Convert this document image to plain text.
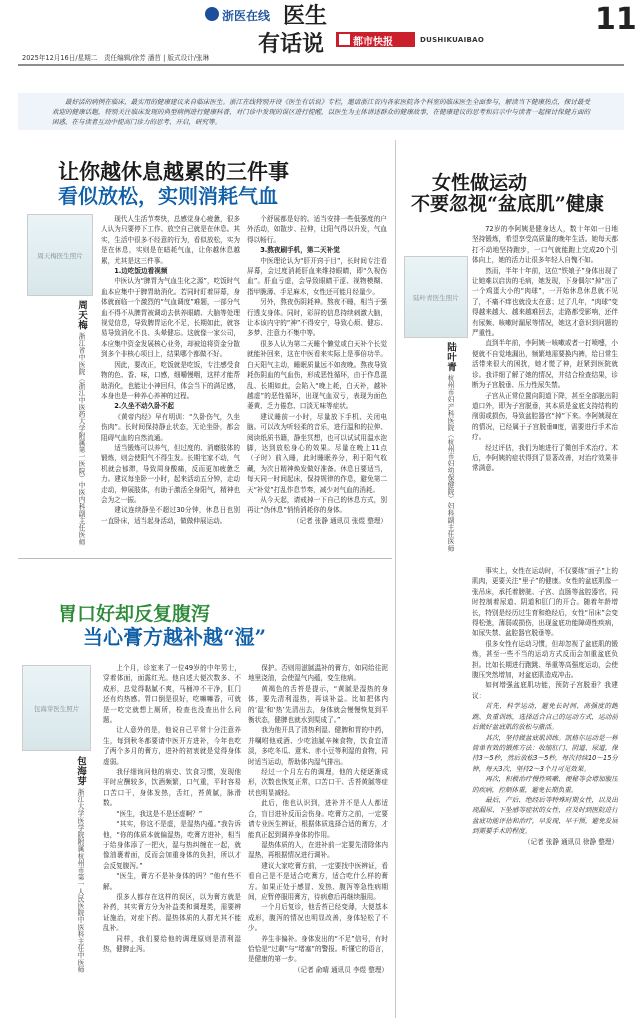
浙医在线 医生
有话说	都市快报	DUSHIKUAIBAO
11
2025年12月16日/星期二　责任编辑/徐芳 潘苜 | 版式设计/张琳

最好活的病例在临床，最实用的健康建议来自临床医生。浙江在线特别开设《医生有话说》专栏，邀请浙江省内各家医院各个科室的临床医生全面参与，解读当下健康热点，探讨最受欢迎的健康话题，特别关注临床发现的典型病例进行健康科普，对门诊中发现的误区进行提醒，以医生为主体讲述群众的健康故事，在健康建议的思考和启示中与读者一起探讨保健方面的困惑，在与读者互动中提高门诊力的思考、开启，研究等。

让你越休息越累的三件事
看似放松，实则消耗气血
周天梅医生照片
周天梅 浙江省中医院（浙江中医药大学附属第一医院）中医内科副主任医师

现代人生活节奏快，总感觉身心疲惫，很多人认为只要停下工作、放空自己就是在休息。其实，生活中很多不经意的行为，看似放松，实为是在休息，实则是在暗耗气血，让你越休息越累，尤其是这三件事。

1.边吃饭边看视频

中医认为“脾胃为气血生化之源”，吃饭时气血本应集中于脾胃助消化。若同时盯着屏幕，身体就面临一个激烈的“气血调度”难题，一部分气血不得不从脾胃被调动去供养眼睛、大脑等处理视觉信息，导致脾胃运化不足，长期如此，就容易导致消化不良、头晕健忘。这就像一家公司，本应集中资金发展核心业务，却被迫将资金分散到多个非核心项目上，结果哪个都做不好。

因此，要改正，吃饭就是吃饭，专注感受食物的色、香、味，口感，细嚼慢咽，这样才能帮助消化，也能让小神回归，体会当下的满足感，本身也是一种养心养神的过程。

2.久坐不动久卧不起

《黄帝内经》早有明训：“久卧伤气，久坐伤肉”。长时间保持静止状态，无论坐卧，都会阻碍气血的自然流通。

适当锻炼可以养气，但过度的、消磨肢体的锻炼，则会使阳气不得生发。长期宅家不动，气机就会郁滞，导致周身酸痛，反而更加疲惫乏力。建议每坐卧一小时，起来活动五分钟，走动走动，伸展肢体，有助于激活全身阳气，精神也会为之一振。

建议连续静坐不超过30分钟，休息日也别一直卧床，适当起身活动，做做伸展运动。

个舒展都是好的。适当安排一些低强度的户外活动，如散步、拉伸，让阳气得以升发，气血得以畅行。

3.熬夜刷手机，第二天补觉

中医理论认为“肝开窍于目”，长时间专注看屏幕，会过度消耗肝血来维持眼睛，即“久视伤血”。肝血亏虚，会导致眼睛干涩、视物模糊、指甲脆薄、手足麻木，女性还可能月经量少。

另外，熬夜伤阴耗神。熬夜不睡，相当于强行透支身体。同时，彩屏的信息持续刺激大脑，让本该内守的“神”不得安宁，导致心烦、健忘、多梦、注意力不集中等。

很多人认为第二天睡个懒觉或白天补个长觉就能补回来，这在中医看来实际上是事倍功半。白天阳气主动，睡眠质量远不如夜晚。熬夜导致耗伤阴血的气血伤，形成恶性循环，由于作息混乱、长期如此，会陷入“晚上耗，白天补，越补越虚”的恶性循环，出现气血双亏，表现为面色萎黄、乏力倦怠、口淡无味等症状。

建议睡前一小时，尽量放下手机、关闭电脑。可以改为听轻柔的音乐，进行温和的拉伸、阅读纸质书籍，静坐冥想，也可以试试用温水泡脚，达到放松身心的效果。尽量在晚上11点（子时）前入睡，此时睡眠养分，利于阳气收藏，为次日精神焕发做好准备。休息日要适当，每天同一时间起床，保持规律的作息，避免第二天“补觉”打乱作息节奏，减少对气血的消耗。

从今天起，请戒掉一下自己的休息方式，别再让“伪休息”悄悄消耗你的身体。

（记者 张静 通讯员 张煜 整理）

胃口好却反复腹泻
当心膏方越补越“湿”
包海芽医生照片
包海芽 浙江大学医学院附属杭州市第一人民医院中医科主任中医师

上个月，诊室来了一位49岁的中年男士，穿着体面，面露红光。他自述大便次数多、不成形，总觉得黏腻不爽，马桶冲不干净，肛门还有灼热感。胃口倒是很好，吃嘛嘛香，可就是一吃完就想上厕所，检查也没查出什么问题。

让人意外的是，他说自己平常十分注意养生，每到秋冬都要请中医开方进补，今年也吃了两个多月的膏方，进补的初衷就是觉得身体虚弱。

我仔细询问他的病史、饮食习惯，发现他平时应酬较多，饮酒频繁，口气重，平时容易口苦口干，身体发热，舌红，苔黄腻，脉滑数。

“医生，我这是不是还虚啊？”

“其实，你这不是虚，是湿热内蕴。”我告诉他，“你的体质本就偏湿热，吃膏方进补，相当于给身体添了一把火，湿与热纠缠在一起，就像油裹着面，反而会加重身体的负担，所以才会反复腹泻。”

“医生，膏方不是补身体的吗？”他有些不解。

很多人都存在这样的误区，以为膏方就是补药，其实膏方分为补益类和调理类，需要辨证施治，对症下药。湿热体质的人群尤其不能乱补。

同样，我们要给他的调理原则是清利湿热，健脾止泻。

保护。否则用滋腻温补的膏方，如同给往泥地里浇油，会使湿气内蕴，变生他病。

黄褐色的舌苔是提示，“黄腻是湿热的身体，要先清利湿热，再谈补益。比如把体内的‘湿’和‘热’先清出去，身体就会慢慢恢复到平衡状态，健脾也就水到渠成了。”

我为他开具了清热利湿、健脾和胃的中药，并嘱咐他戒酒、少吃油腻辛辣食物，饮食宜清淡，多吃冬瓜、薏米、赤小豆等利湿的食物，同时适当运动，帮助体内湿气排出。

经过一个月左右的调理，他的大便逐渐成形，次数也恢复正常，口苦口干、舌苔黄腻等症状也明显减轻。

此后，他也认识到，进补并不是人人都适合，盲目进补反而会伤身。吃膏方之前，一定要请专业医生辨证，根据体质选择合适的膏方，才能真正起到调养身体的作用。

湿热体质的人，在进补前一定要先清除体内湿热，再根据情况进行调补。

建议大家吃膏方前，一定要找中医辨证，看看自己是不是适合吃膏方，适合吃什么样的膏方。如果正处于感冒、发热、腹泻等急性病期间，应暂停服用膏方，待病愈后再继续服用。

一个月后复诊，他舌苔已经变薄，大便基本成形，腹泻的情况也明显改善，身体轻松了不少。

养生非偏补。身体发出的“不足”信号，有时恰恰是“过剩”与“堵塞”的警报。听懂它的语言，是健康的第一步。

（记者 俞晴 通讯员 李煜 整理）

女性做运动
不要忽视“盆底肌”健康
陆叶青医生照片
陆叶青 杭州市妇产科医院（杭州市妇幼保健院）妇科副主任医师

72岁的李阿姨是健身达人，数十年如一日地坚持锻炼，希望享受高质量的晚年生活。她每天都打不动地坚持跑步，一口气就能跑上完成20个引体向上，她的活力让很多年轻人自愧不如。

然而，半年十年前，这位“铁娘子”身体出现了让她难以启齿的毛病，她发现，下身偶尔“掉”出了一个鸡蛋大小的“肉球”，一开始休息休息就不见了，不痛不痒也就没太在意；过了几年，“肉球”变得越来越大、越来越难回去，走路都受影响，还伴有尿频、咳嗽时漏尿等情况，她这才意识到问题的严重性。

直到半年前，李阿姨一咳嗽或者一打喷嚏，小便就不自觉地漏出，频繁地需要换内裤，给日常生活带来很大的困扰，她才慌了神，赶紧到医院就诊。我详细了解了她的情况，并结合检查结果，诊断为子宫脱垂、压力性尿失禁。

子宫从正常位置向阴道下降，甚至全部脱出阴道口外，即为子宫脱垂，其本质是盆底支持结构的削弱或损伤，导致盆腔器官“掉”下来。李阿姨现在的情况，已经属于子宫脱垂Ⅲ度，需要进行手术治疗。

经过评估，我们为她进行了微创手术治疗。术后，李阿姨的症状得到了显著改善，对治疗效果非常满意。

事实上，女性在运动时，不仅要练“面子”上的肌肉，更要关注“里子”的健康。女性的盆底肌像一张吊床，承托着膀胱、子宫、直肠等盆腔器官，同时控制着尿道、阴道和肛门的开合。随着年龄增长，特别是经历过生育和绝经后，女性“吊床”会变得松弛，薄弱或损伤，出现盆底功能障碍性疾病，如尿失禁、盆腔器官脱垂等。

很多女性有运动习惯，但却忽视了盆底肌的锻炼，甚至一些不当的运动方式反而会加重盆底负担。比如长期进行跑跳、举重等高强度运动，会使腹压突然增加，对盆底肌造成冲击。

如何增强盆底肌功能，预防子宫脱垂？我建议：

首先，科学运动，避免长时间、高强度的跑跳、负重训练，选择适合自己的运动方式，运动前后做好盆底肌的放松与激活。

其次，坚持做盆底肌训练。凯格尔运动是一种简单有效的锻炼方法：收缩肛门、阴道、尿道，保持3～5秒，然后放松3～5秒，每次持续10～15分钟，每天3次，坚持2～3个月可见效果。

再次，积极治疗慢性咳嗽、便秘等会增加腹压的疾病，控制体重，避免长期负重。

最后，产后、绝经后等特殊时期女性，以及出现漏尿、下坠感等症状的女性，应及时到医院进行盆底功能评估和治疗，早发现、早干预，避免发展到需要手术的程度。

（记者 张静 通讯员 徐静 整理）
